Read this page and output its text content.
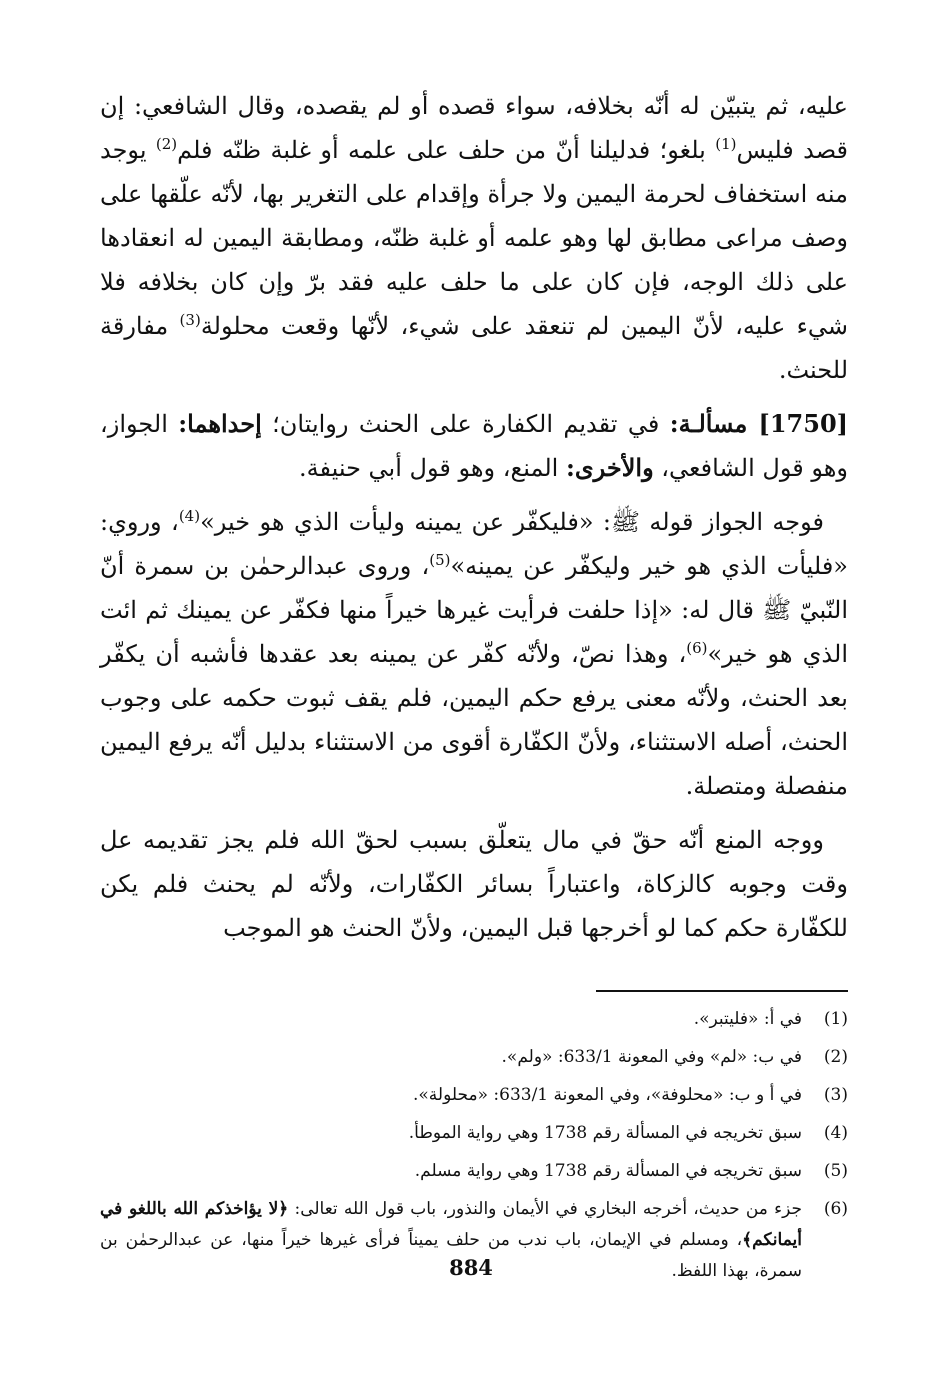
عليه، ثم يتبيّن له أنّه بخلافه، سواء قصده أو لم يقصده، وقال الشافعي: إن قصد فليس$^{(1)}$ بلغو؛ فدليلنا أنّ من حلف على علمه أو غلبة ظنّه فلم$^{(2)}$ يوجد منه استخفاف لحرمة اليمين ولا جرأة وإقدام على التغرير بها، لأنّه علّقها على وصف مراعى مطابق لها وهو علمه أو غلبة ظنّه، ومطابقة اليمين له انعقادها على ذلك الوجه، فإن كان على ما حلف عليه فقد برّ وإن كان بخلافه فلا شيء عليه، لأنّ اليمين لم تنعقد على شيء، لأنّها وقعت محلولة$^{(3)}$ مفارقة للحنث.

[1750] مسألـة: في تقديم الكفارة على الحنث روايتان؛ إحداهما: الجواز، وهو قول الشافعي، والأخرى: المنع، وهو قول أبي حنيفة.

فوجه الجواز قوله ﷺ: «فليكفّر عن يمينه وليأت الذي هو خير»$^{(4)}$، وروي: «فليأت الذي هو خير وليكفّر عن يمينه»$^{(5)}$، وروى عبدالرحمٰن بن سمرة أنّ النّبيّ ﷺ قال له: «إذا حلفت فرأيت غيرها خيراً منها فكفّر عن يمينك ثم ائت الذي هو خير»$^{(6)}$، وهذا نصّ، ولأنّه كفّر عن يمينه بعد عقدها فأشبه أن يكفّر بعد الحنث، ولأنّه معنى يرفع حكم اليمين، فلم يقف ثبوت حكمه على وجوب الحنث، أصله الاستثناء، ولأنّ الكفّارة أقوى من الاستثناء بدليل أنّه يرفع اليمين منفصلة ومتصلة.

ووجه المنع أنّه حقّ في مال يتعلّق بسبب لحقّ الله فلم يجز تقديمه عل وقت وجوبه كالزكاة، واعتباراً بسائر الكفّارات، ولأنّه لم يحنث فلم يكن للكفّارة حكم كما لو أخرجها قبل اليمين، ولأنّ الحنث هو الموجب

(1)
في أ: «فليتبر».
(2)
في ب: «لم» وفي المعونة 633/1: «ولم».
(3)
في أ و ب: «محلوفة»، وفي المعونة 633/1: «محلولة».
(4)
سبق تخريجه في المسألة رقم 1738 وهي رواية الموطأ.
(5)
سبق تخريجه في المسألة رقم 1738 وهي رواية مسلم.
(6)
جزء من حديث، أخرجه البخاري في الأيمان والنذور، باب قول الله تعالى: ﴿لا يؤاخذكم الله باللغو في أيمانكم﴾، ومسلم في الإيمان، باب ندب من حلف يميناً فرأى غيرها خيراً منها، عن عبدالرحمٰن بن سمرة، بهذا اللفظ.
884
